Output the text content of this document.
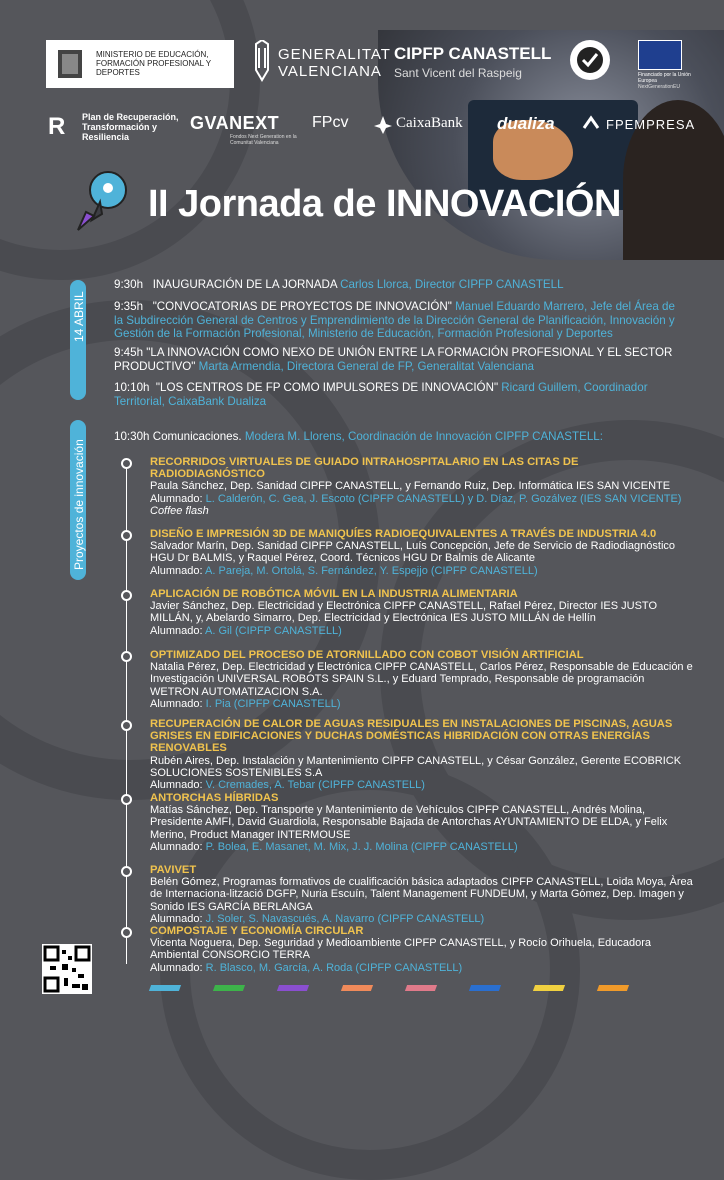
MINISTERIO DE EDUCACIÓN, FORMACIÓN PROFESIONAL Y DEPORTES
GENERALITAT
VALENCIANA
CIPFP CANASTELL
Sant Vicent del Raspeig	Financiado por la Unión Europea
NextGenerationEU
R Plan de Recuperación, Transformación y Resiliencia
GVANEXT
Fondos Next Generation en la Comunitat Valenciana
FPcv	CaixaBank dualiza	FPEMPRESA
II Jornada de INNOVACIÓN
14 ABRIL
Proyectos de innovación
9:30h INAUGURACIÓN DE LA JORNADA Carlos Llorca, Director CIPFP CANASTELL
9:35h "CONVOCATORIAS DE PROYECTOS DE INNOVACIÓN" Manuel Eduardo Marrero, Jefe del Área de la Subdirección General de Centros y Emprendimiento de la Dirección General de Planificación, Innovación y Gestión de la Formación Profesional, Ministerio de Educación, Formación Profesional y Deportes
9:45h "LA INNOVACIÓN COMO NEXO DE UNIÓN ENTRE LA FORMACIÓN PROFESIONAL Y EL SECTOR PRODUCTIVO" Marta Armendia, Directora General de FP, Generalitat Valenciana
10:10h "LOS CENTROS DE FP COMO IMPULSORES DE INNOVACIÓN" Ricard Guillem, Coordinador Territorial, CaixaBank Dualiza
10:30h Comunicaciones. Modera M. Llorens, Coordinación de Innovación CIPFP CANASTELL:
RECORRIDOS VIRTUALES DE GUIADO INTRAHOSPITALARIO EN LAS CITAS DE RADIODIAGNÓSTICO
Paula Sánchez, Dep. Sanidad CIPFP CANASTELL, y Fernando Ruiz, Dep. Informática IES SAN VICENTE
Alumnado: L. Calderón, C. Gea, J. Escoto (CIPFP CANASTELL) y D. Díaz, P. Gozálvez (IES SAN VICENTE)
Coffee flash
DISEÑO E IMPRESIÓN 3D DE MANIQUÍES RADIOEQUIVALENTES A TRAVÉS DE INDUSTRIA 4.0
Salvador Marín, Dep. Sanidad CIPFP CANASTELL, Luís Concepción, Jefe de Servicio de Radiodiagnóstico HGU Dr BALMIS, y Raquel Pérez, Coord. Técnicos HGU Dr Balmis de Alicante
Alumnado: A. Pareja, M. Ortolá, S. Fernández, Y. Espejjo (CIPFP CANASTELL)
APLICACIÓN DE ROBÓTICA MÓVIL EN LA INDUSTRIA ALIMENTARIA
Javier Sánchez, Dep. Electricidad y Electrónica CIPFP CANASTELL, Rafael Pérez, Director IES JUSTO MILLÁN, y, Abelardo Simarro, Dep. Electricidad y Electrónica IES JUSTO MILLÁN de Hellín
Alumnado: A. Gil (CIPFP CANASTELL)
OPTIMIZADO DEL PROCESO DE ATORNILLADO CON COBOT VISIÓN ARTIFICIAL
Natalia Pérez, Dep. Electricidad y Electrónica CIPFP CANASTELL, Carlos Pérez, Responsable de Educación e Investigación UNIVERSAL ROBOTS SPAIN S.L., y Eduard Temprado, Responsable de programación WETRON AUTOMATIZACION S.A.
Alumnado: I. Pia (CIPFP CANASTELL)
RECUPERACIÓN DE CALOR DE AGUAS RESIDUALES EN INSTALACIONES DE PISCINAS, AGUAS GRISES EN EDIFICACIONES Y DUCHAS DOMÉSTICAS HIBRIDACIÓN CON OTRAS ENERGÍAS RENOVABLES
Rubén Aires, Dep. Instalación y Mantenimiento CIPFP CANASTELL, y César González, Gerente ECOBRICK SOLUCIONES SOSTENIBLES S.A
Alumnado: V. Cremades, A. Tebar (CIPFP CANASTELL)
ANTORCHAS HÍBRIDAS
Matías Sánchez, Dep. Transporte y Mantenimiento de Vehículos CIPFP CANASTELL, Andrés Molina, Presidente AMFI, David Guardiola, Responsable Bajada de Antorchas AYUNTAMIENTO DE ELDA, y Felix Merino, Product Manager INTERMOUSE
Alumnado: P. Bolea, E. Masanet, M. Mix, J. J. Molina (CIPFP CANASTELL)
PAVIVET
Belén Gómez, Programas formativos de cualificación básica adaptados CIPFP CANASTELL, Loida Moya, Àrea de Internaciona-lització DGFP, Nuria Escuín, Talent Management FUNDEUM, y Marta Gómez, Dep. Imagen y Sonido IES GARCÍA BERLANGA
Alumnado: J. Soler, S. Navascués, A. Navarro (CIPFP CANASTELL)
COMPOSTAJE Y ECONOMÍA CIRCULAR
Vicenta Noguera, Dep. Seguridad y Medioambiente CIPFP CANASTELL, y Rocío Orihuela, Educadora Ambiental CONSORCIO TERRA
Alumnado: R. Blasco, M. García, A. Roda (CIPFP CANASTELL)
